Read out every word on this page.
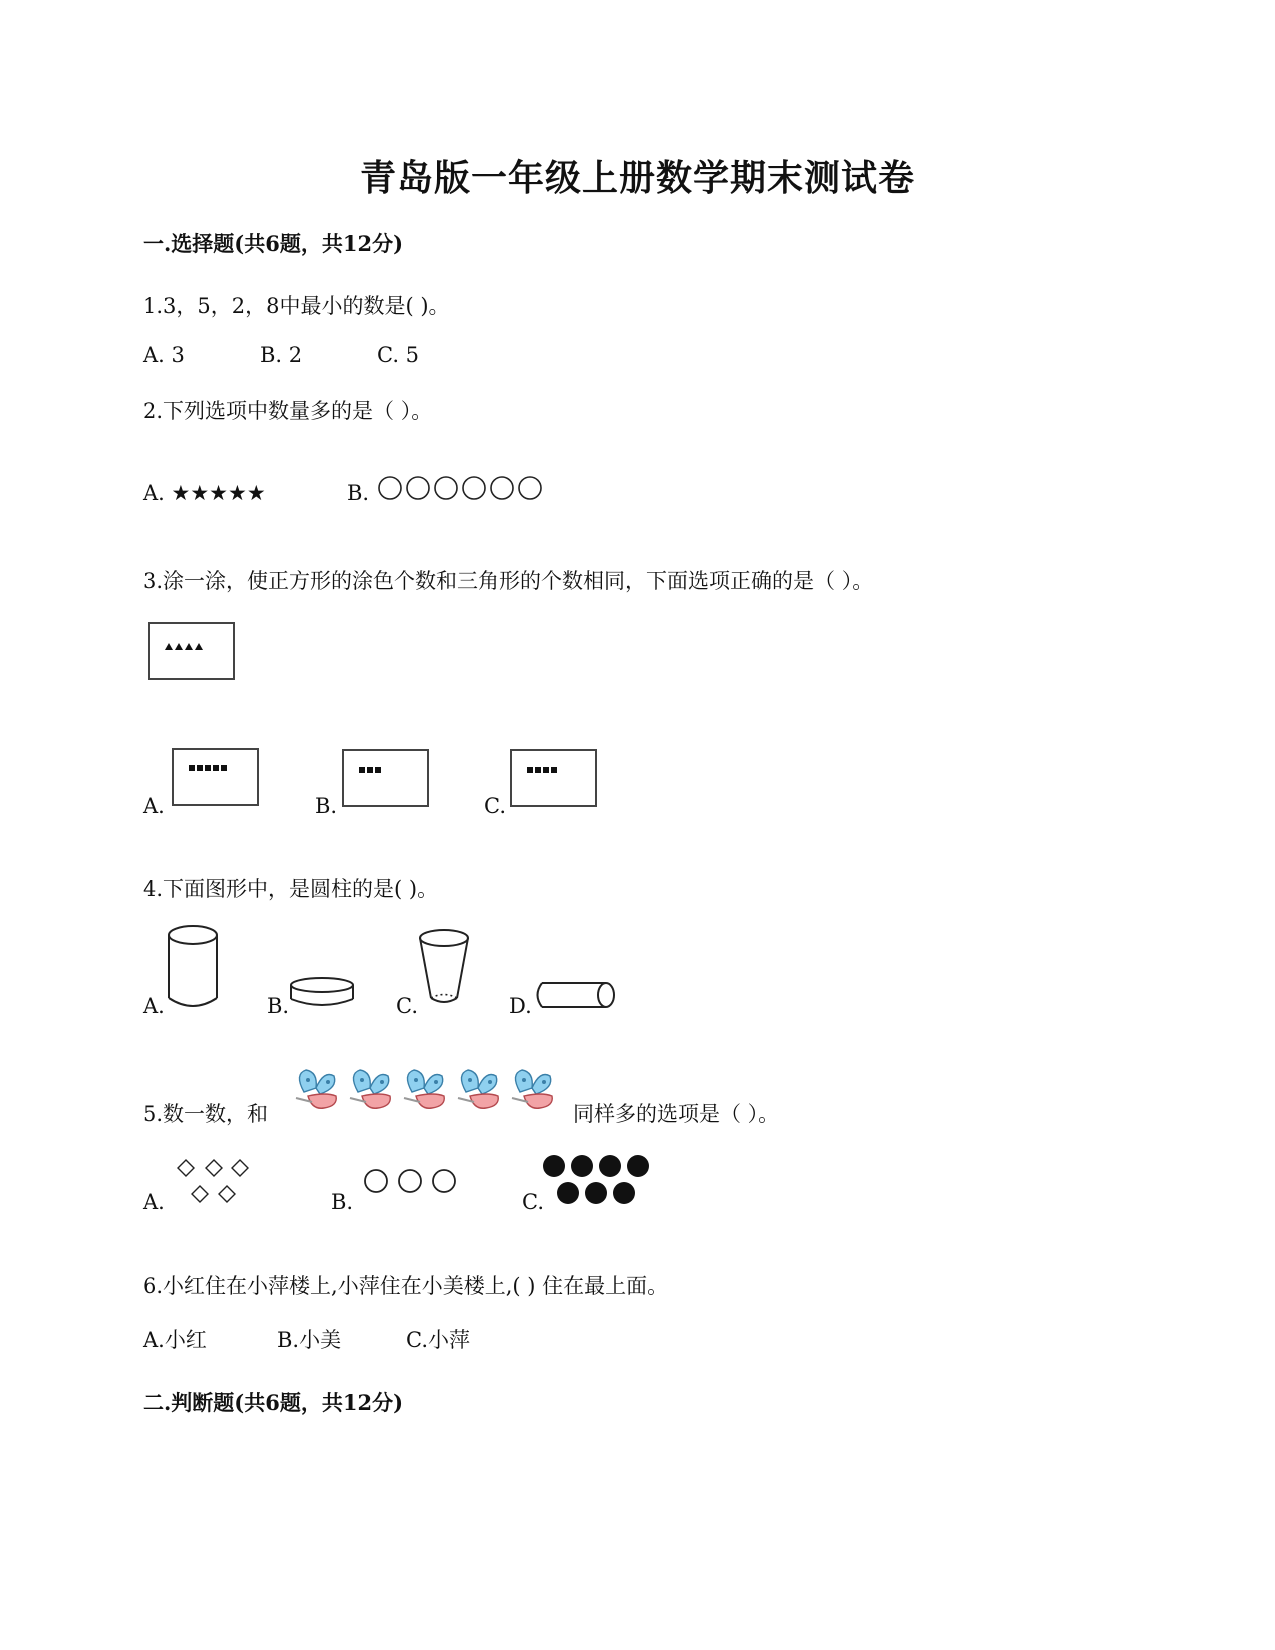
青岛版一年级上册数学期末测试卷
一.选择题(共6题，共12分)
1.3，5，2，8中最小的数是( )。
A. 3	B. 2	C. 5
2.下列选项中数量多的是（ ）。
A. ★★★★★	B.
3.涂一涂，使正方形的涂色个数和三角形的个数相同，下面选项正确的是（ ）。
A.	B.	C.
4.下面图形中，是圆柱的是( )。
A.	B.	C.	D.
5.数一数，和	同样多的选项是（ ）。
A.	B.	C.
6.小红住在小萍楼上,小萍住在小美楼上,( ) 住在最上面。
A.小红	B.小美	C.小萍
二.判断题(共6题，共12分)
